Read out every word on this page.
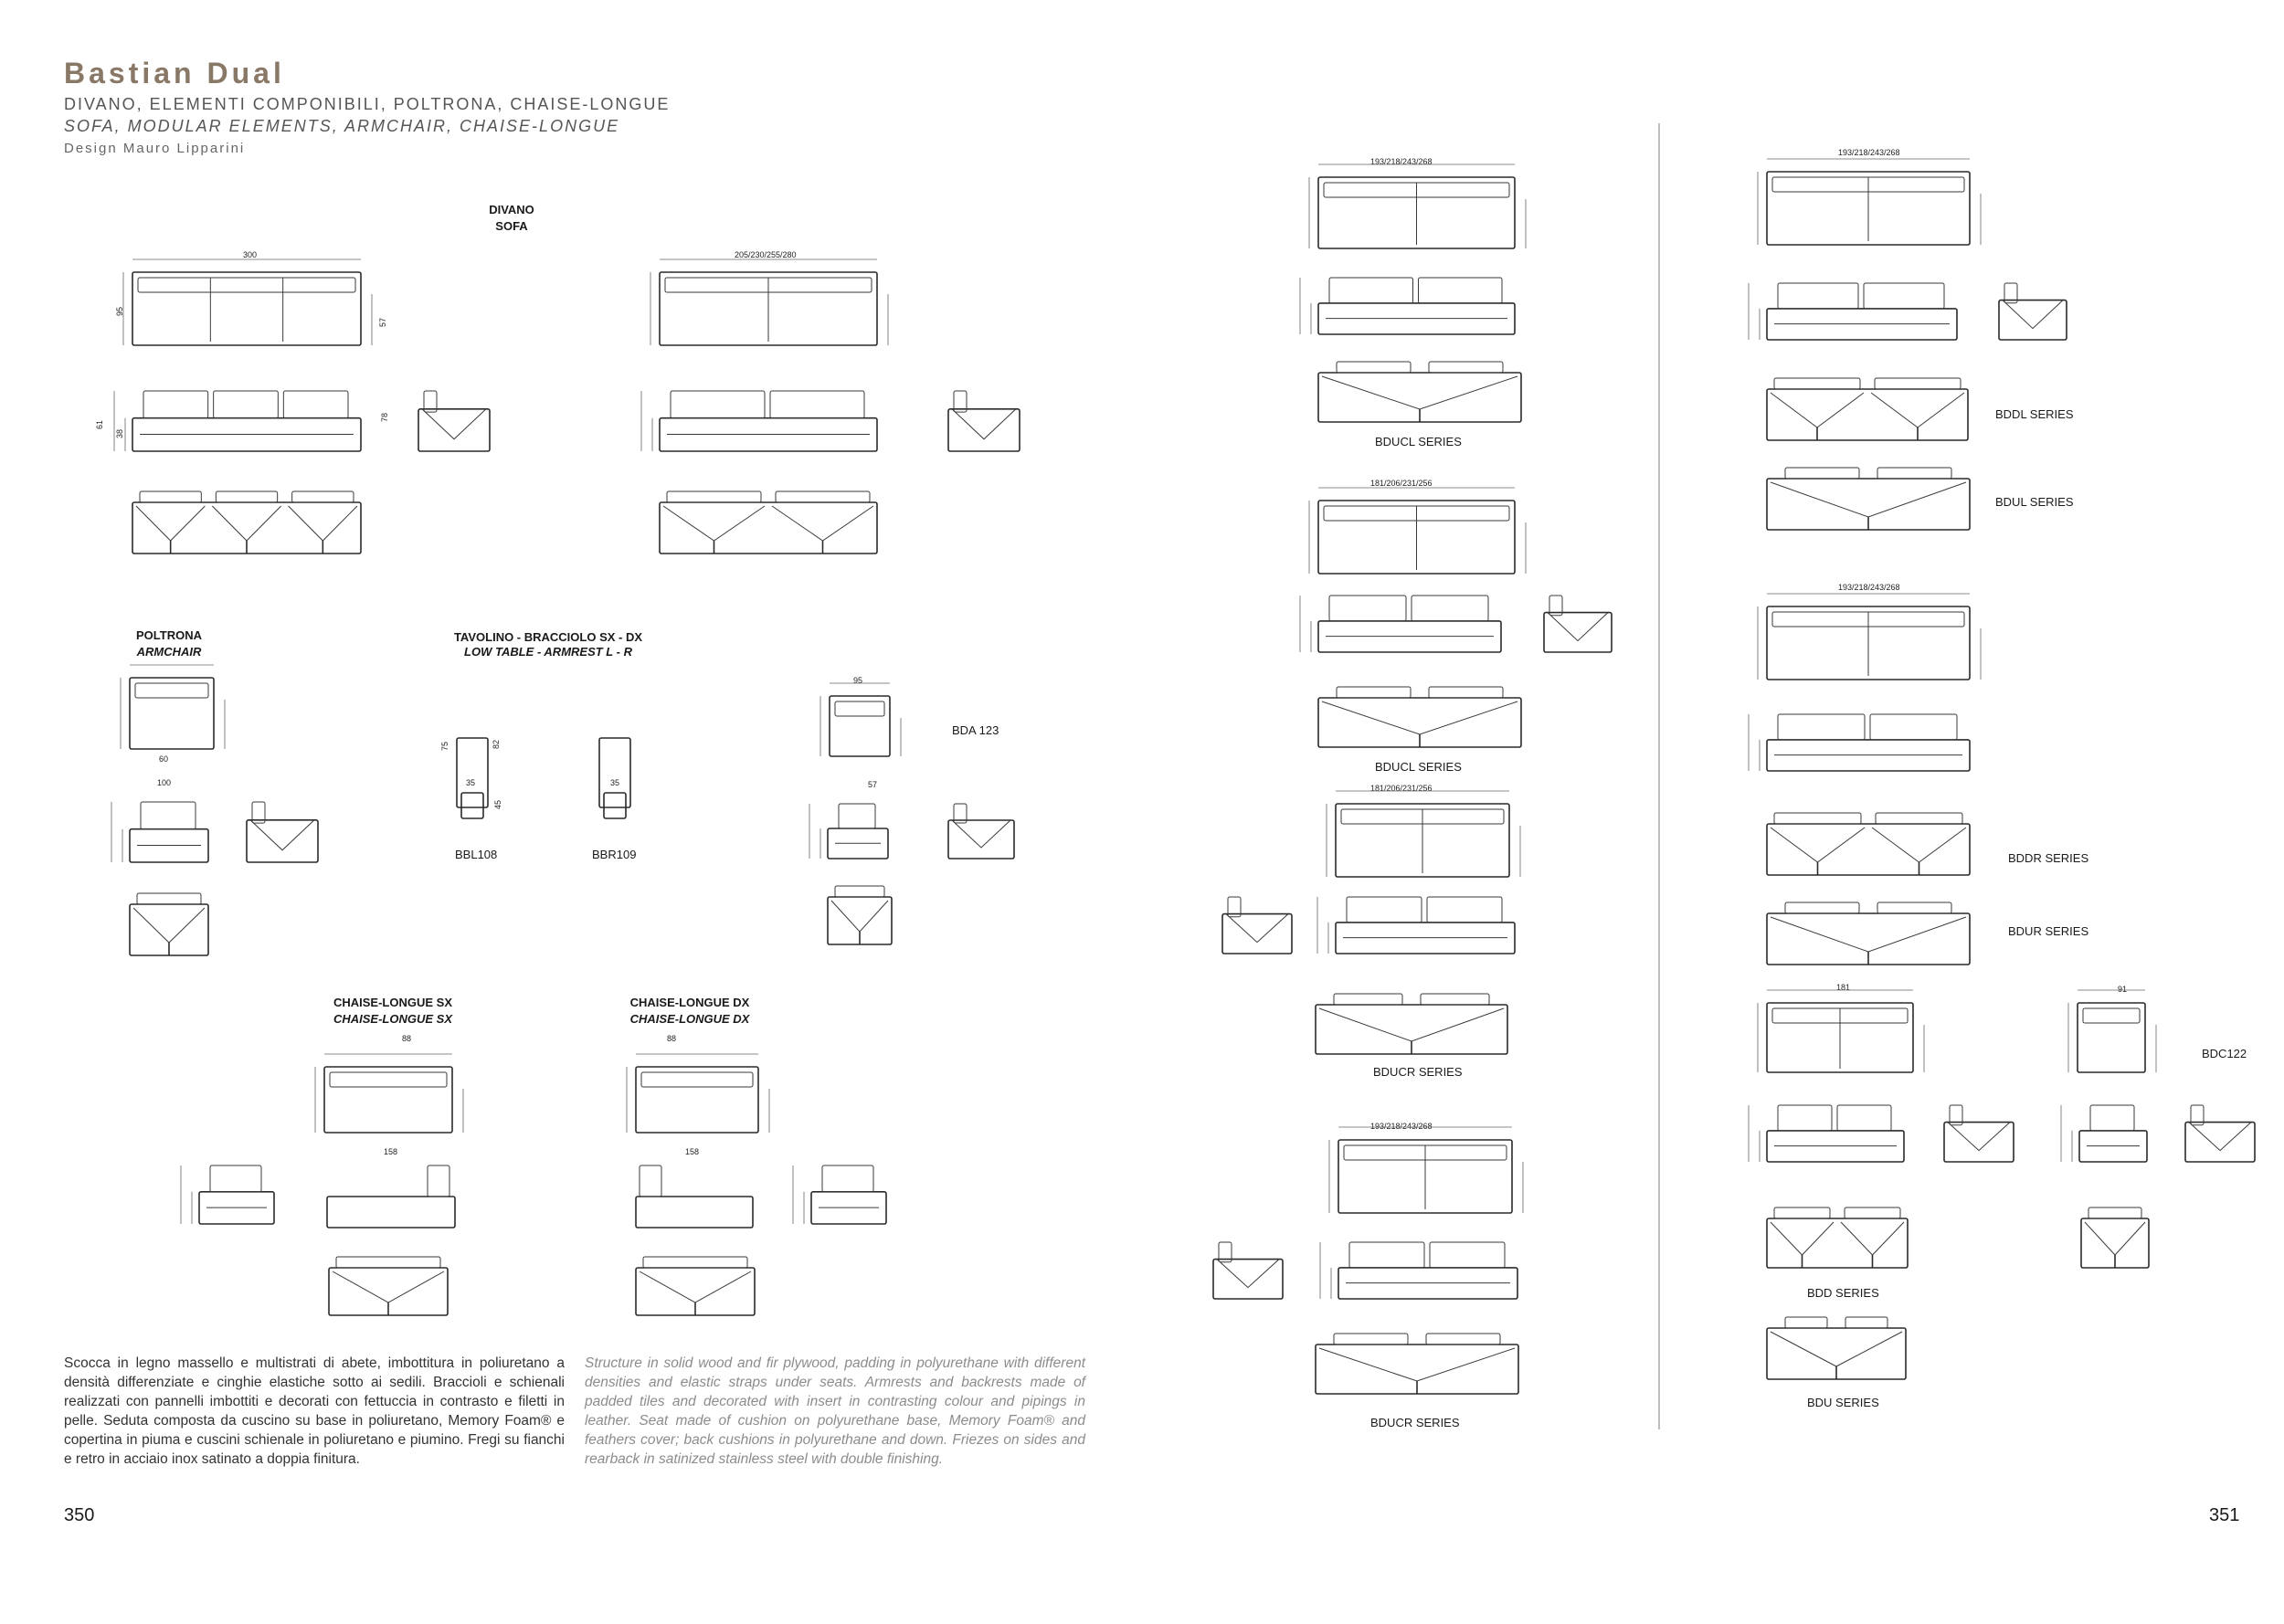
Bastian Dual
DIVANO, ELEMENTI COMPONIBILI, POLTRONA, CHAISE-LONGUE
SOFA, MODULAR ELEMENTS, ARMCHAIR, CHAISE-LONGUE
Design Mauro Lipparini
DIVANO
SOFA
POLTRONA
ARMCHAIR
TAVOLINO - BRACCIOLO SX - DX
LOW TABLE - ARMREST L - R
CHAISE-LONGUE SX
CHAISE-LONGUE SX
CHAISE-LONGUE DX
CHAISE-LONGUE DX
BBL108	BBR109
BDA 123
BDC122
BDUCL SERIES
BDUCL SERIES
BDUCR SERIES
BDUCR SERIES
BDDL SERIES
BDUL SERIES
BDDR SERIES
BDUR SERIES
BDD SERIES
BDU SERIES
300	205/230/255/280
193/218/243/268
193/218/243/268
181/206/231/256
193/218/243/268
181/206/231/256
193/218/243/268
181	91
95
57
60
100	35	35
88	88
158	158
95
57
61
38
78
75	82
45
Scocca in legno massello e multistrati di abete, imbottitura in poliuretano a densità differenziate e cinghie elastiche sotto ai sedili. Braccioli e schienali realizzati con pannelli imbottiti e decorati con fettuccia in contrasto e filetti in pelle. Seduta composta da cuscino su base in poliuretano, Memory Foam® e copertina in piuma e cuscini schienale in poliuretano e piumino. Fregi su fianchi e retro in acciaio inox satinato a doppia finitura.
Structure in solid wood and fir plywood, padding in polyurethane with different densities and elastic straps under seats. Armrests and backrests made of padded tiles and decorated with insert in contrasting colour and pipings in leather. Seat made of cushion on polyurethane base, Memory Foam® and feathers cover; back cushions in polyurethane and down. Friezes on sides and rearback in satinized stainless steel with double finishing.
350	351
